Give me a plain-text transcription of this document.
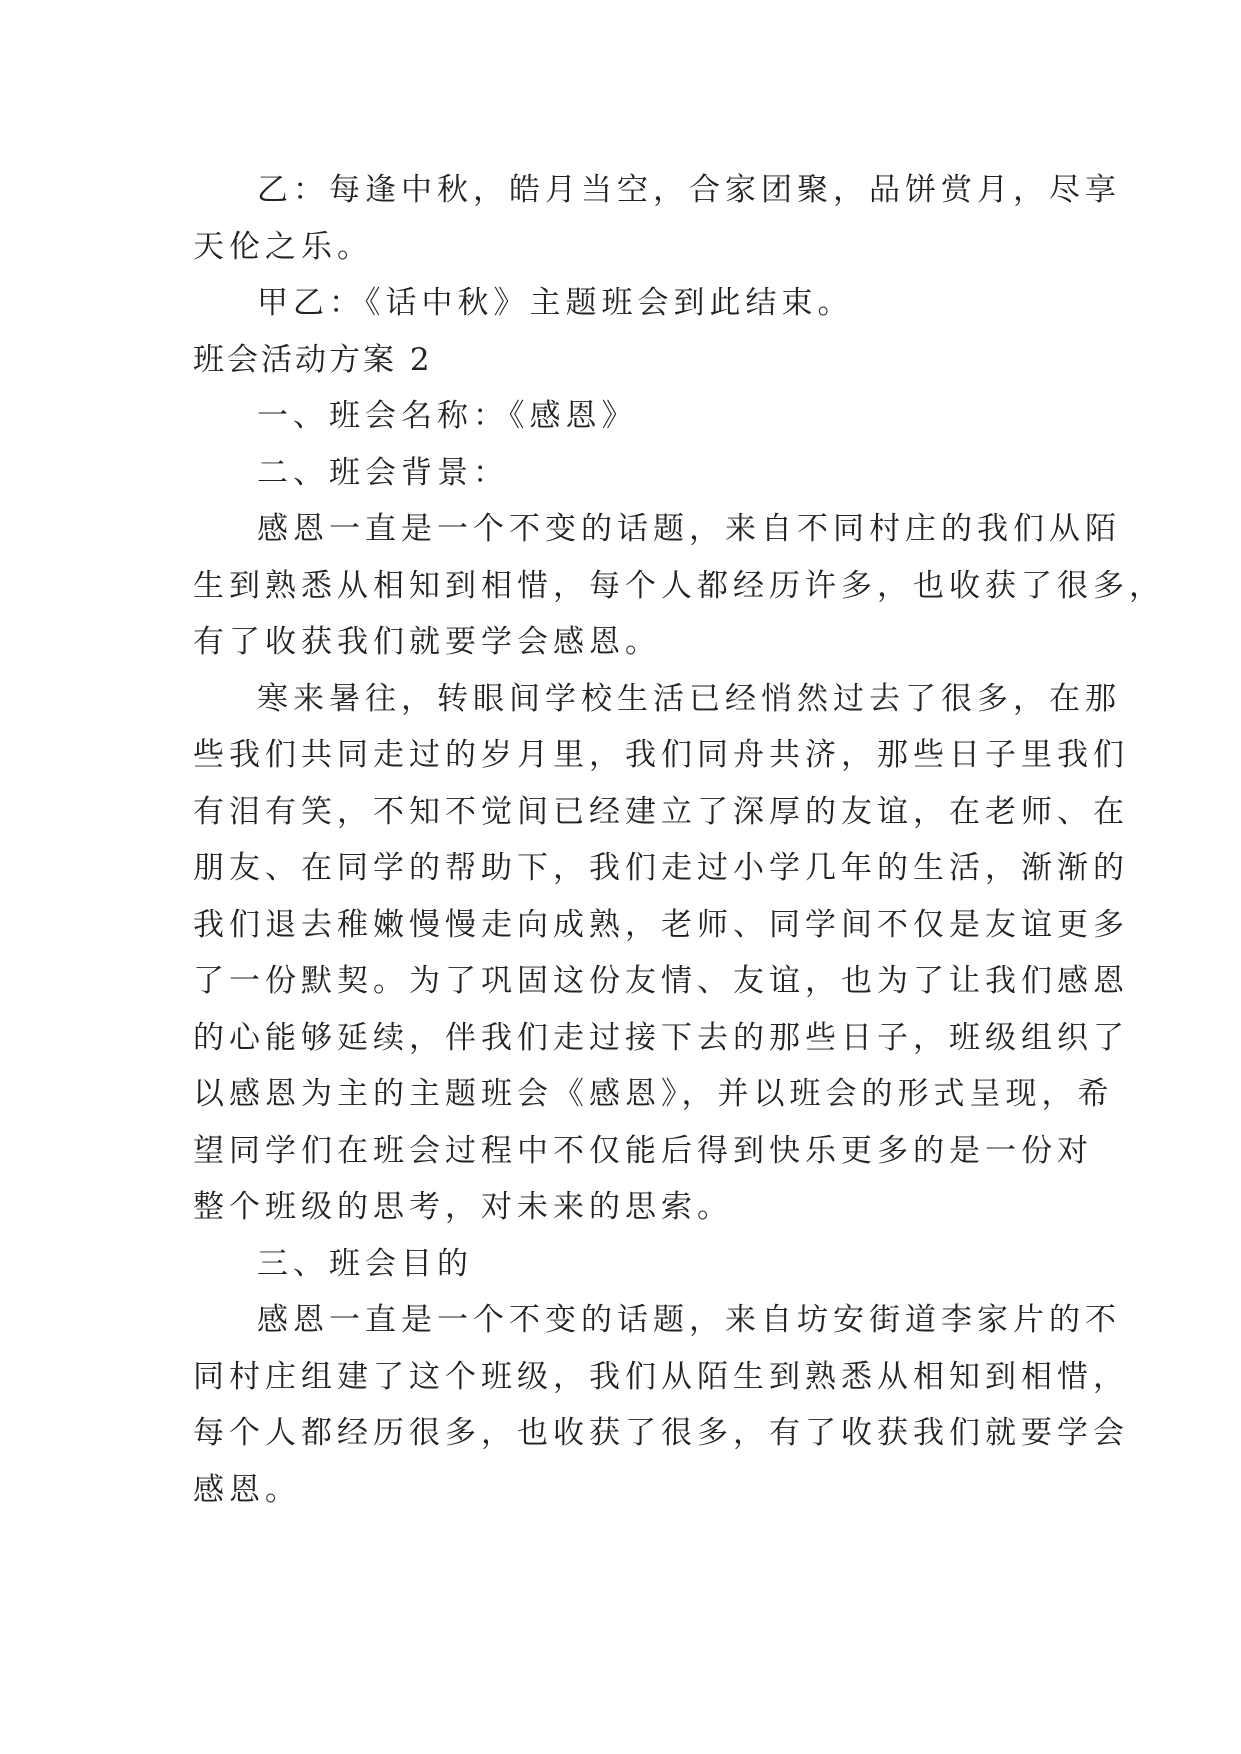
乙：每逢中秋，皓月当空，合家团聚，品饼赏月，尽享
天伦之乐。
甲乙：《话中秋》主题班会到此结束。
班会活动方案 2
一、班会名称：《感恩》
二、班会背景：
感恩一直是一个不变的话题，来自不同村庄的我们从陌
生到熟悉从相知到相惜，每个人都经历许多，也收获了很多，
有了收获我们就要学会感恩。
寒来暑往，转眼间学校生活已经悄然过去了很多，在那
些我们共同走过的岁月里，我们同舟共济，那些日子里我们
有泪有笑，不知不觉间已经建立了深厚的友谊，在老师、在
朋友、在同学的帮助下，我们走过小学几年的生活，渐渐的
我们退去稚嫩慢慢走向成熟，老师、同学间不仅是友谊更多
了一份默契。为了巩固这份友情、友谊，也为了让我们感恩
的心能够延续，伴我们走过接下去的那些日子，班级组织了
以感恩为主的主题班会《感恩》，并以班会的形式呈现，希
望同学们在班会过程中不仅能后得到快乐更多的是一份对
整个班级的思考，对未来的思索。
三、班会目的
感恩一直是一个不变的话题，来自坊安街道李家片的不
同村庄组建了这个班级，我们从陌生到熟悉从相知到相惜，
每个人都经历很多，也收获了很多，有了收获我们就要学会
感恩。
